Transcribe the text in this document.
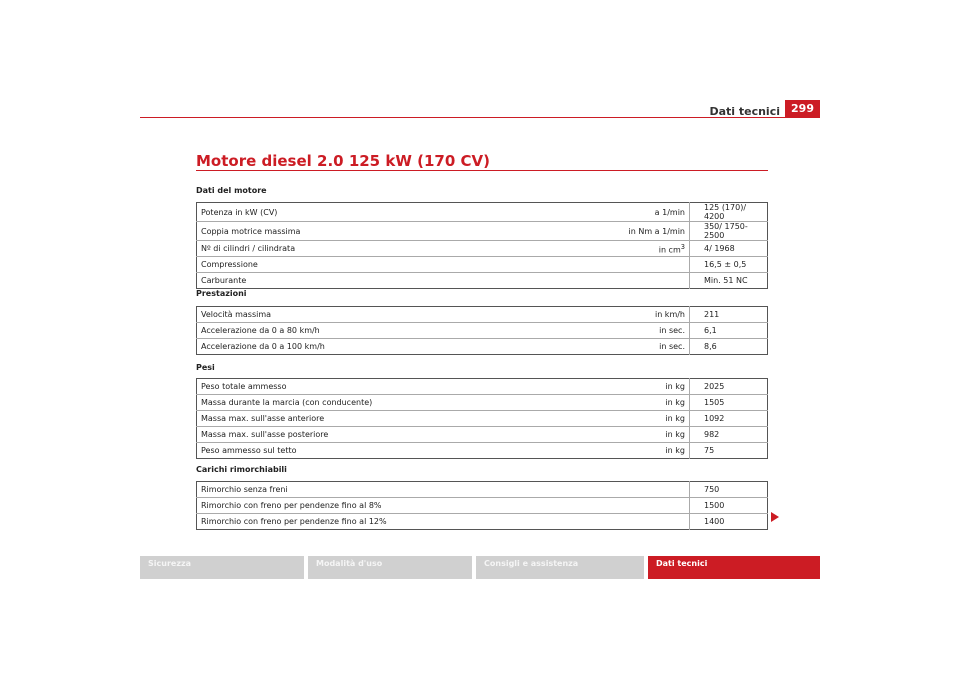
Dati tecnici	299
Motore diesel 2.0 125 kW (170 CV)
Dati del motore
Potenza in kW (CV)	a 1/min	125 (170)/ 4200
Coppia motrice massima	in Nm a 1/min	350/ 1750-2500
Nº di cilindri / cilindrata	in $cm^3$	4/ 1968
Compressione		16,5 ± 0,5
Carburante		Min. 51 NC
Prestazioni
Velocità massima	in km/h	211
Accelerazione da 0 a 80 km/h	in sec.	6,1
Accelerazione da 0 a 100 km/h	in sec.	8,6
Pesi
Peso totale ammesso	in kg	2025
Massa durante la marcia (con conducente)	in kg	1505
Massa max. sull'asse anteriore	in kg	1092
Massa max. sull'asse posteriore	in kg	982
Peso ammesso sul tetto	in kg	75
Carichi rimorchiabili
Rimorchio senza freni		750
Rimorchio con freno per pendenze fino al 8%		1500
Rimorchio con freno per pendenze fino al 12%		1400
Sicurezza	Modalità d'uso	Consigli e assistenza	Dati tecnici
